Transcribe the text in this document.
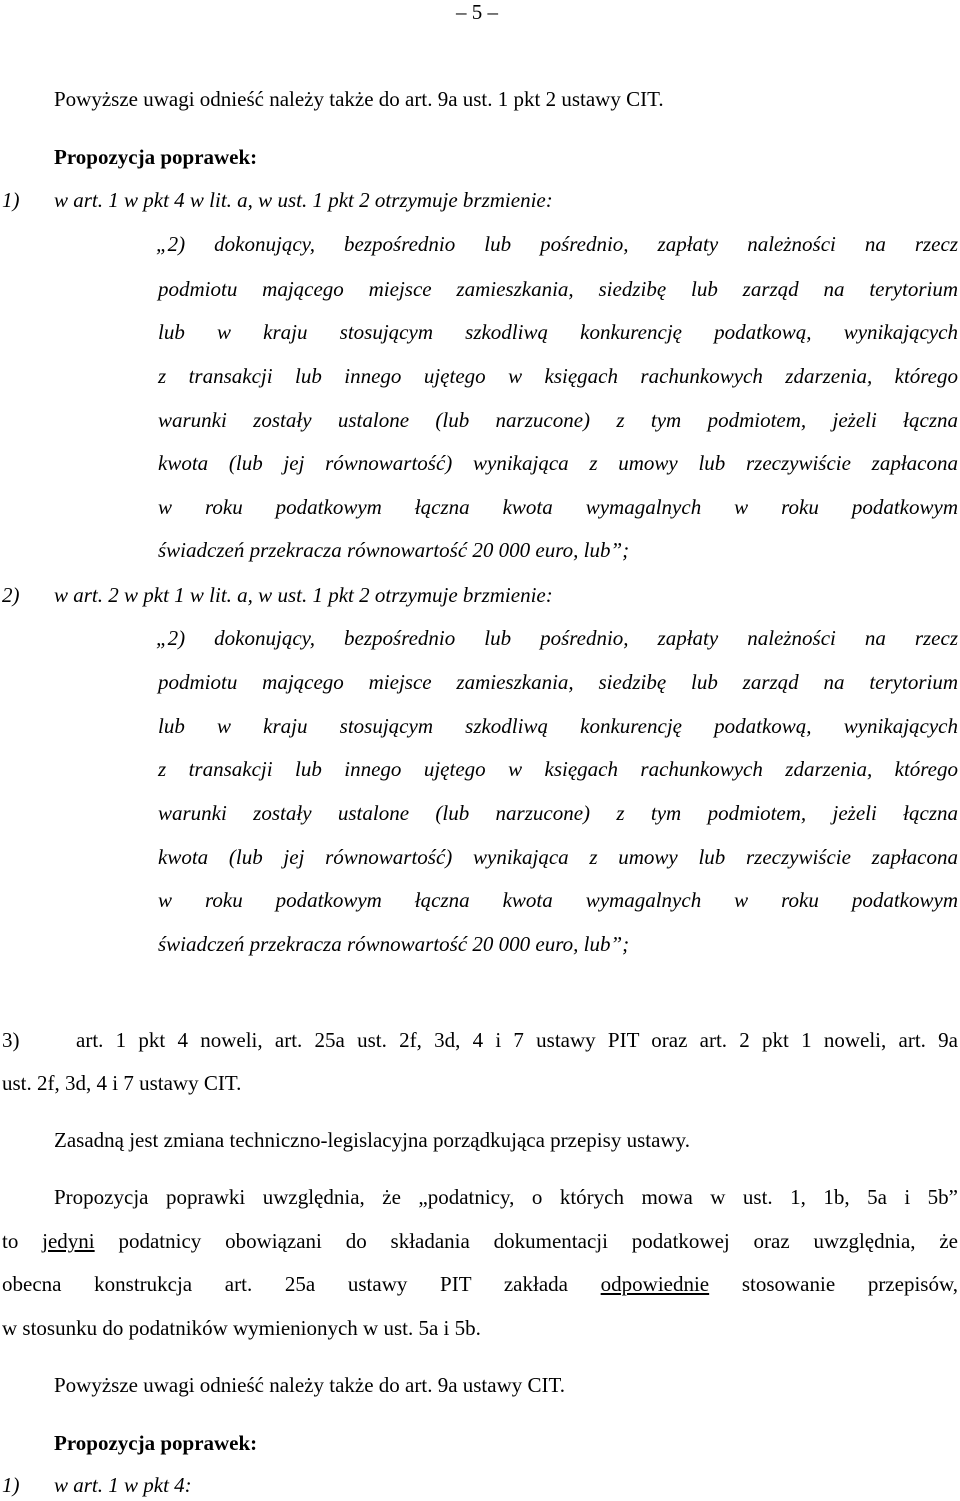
– 5 –
Powyższe uwagi odnieść należy także do art. 9a ust. 1 pkt 2 ustawy CIT.
Propozycja poprawek:
1) w art. 1 w pkt 4 w lit. a, w ust. 1 pkt 2 otrzymuje brzmienie:
„2) dokonujący, bezpośrednio lub pośrednio, zapłaty należności na rzecz
podmiotu mającego miejsce zamieszkania, siedzibę lub zarząd na terytorium
lub w kraju stosującym szkodliwą konkurencję podatkową, wynikających
z transakcji lub innego ujętego w księgach rachunkowych zdarzenia, którego
warunki zostały ustalone (lub narzucone) z tym podmiotem, jeżeli łączna
kwota (lub jej równowartość) wynikająca z umowy lub rzeczywiście zapłacona
w roku podatkowym łączna kwota wymagalnych w roku podatkowym
świadczeń przekracza równowartość 20 000 euro, lub”;
2) w art. 2 w pkt 1 w lit. a, w ust. 1 pkt 2 otrzymuje brzmienie:
„2) dokonujący, bezpośrednio lub pośrednio, zapłaty należności na rzecz
podmiotu mającego miejsce zamieszkania, siedzibę lub zarząd na terytorium
lub w kraju stosującym szkodliwą konkurencję podatkową, wynikających
z transakcji lub innego ujętego w księgach rachunkowych zdarzenia, którego
warunki zostały ustalone (lub narzucone) z tym podmiotem, jeżeli łączna
kwota (lub jej równowartość) wynikająca z umowy lub rzeczywiście zapłacona
w roku podatkowym łączna kwota wymagalnych w roku podatkowym
świadczeń przekracza równowartość 20 000 euro, lub”;
3)	art. 1 pkt 4 noweli, art. 25a ust. 2f, 3d, 4 i 7 ustawy PIT oraz art. 2 pkt 1 noweli, art. 9a
ust. 2f, 3d, 4 i 7 ustawy CIT.
Zasadną jest zmiana techniczno-legislacyjna porządkująca przepisy ustawy.
Propozycja poprawki uwzględnia, że „podatnicy, o których mowa w ust. 1, 1b, 5a i 5b”
to jedyni podatnicy obowiązani do składania dokumentacji podatkowej oraz uwzględnia, że
obecna konstrukcja art. 25a ustawy PIT zakłada odpowiednie stosowanie przepisów,
w stosunku do podatników wymienionych w ust. 5a i 5b.
Powyższe uwagi odnieść należy także do art. 9a ustawy CIT.
Propozycja poprawek:
1) w art. 1 w pkt 4:
